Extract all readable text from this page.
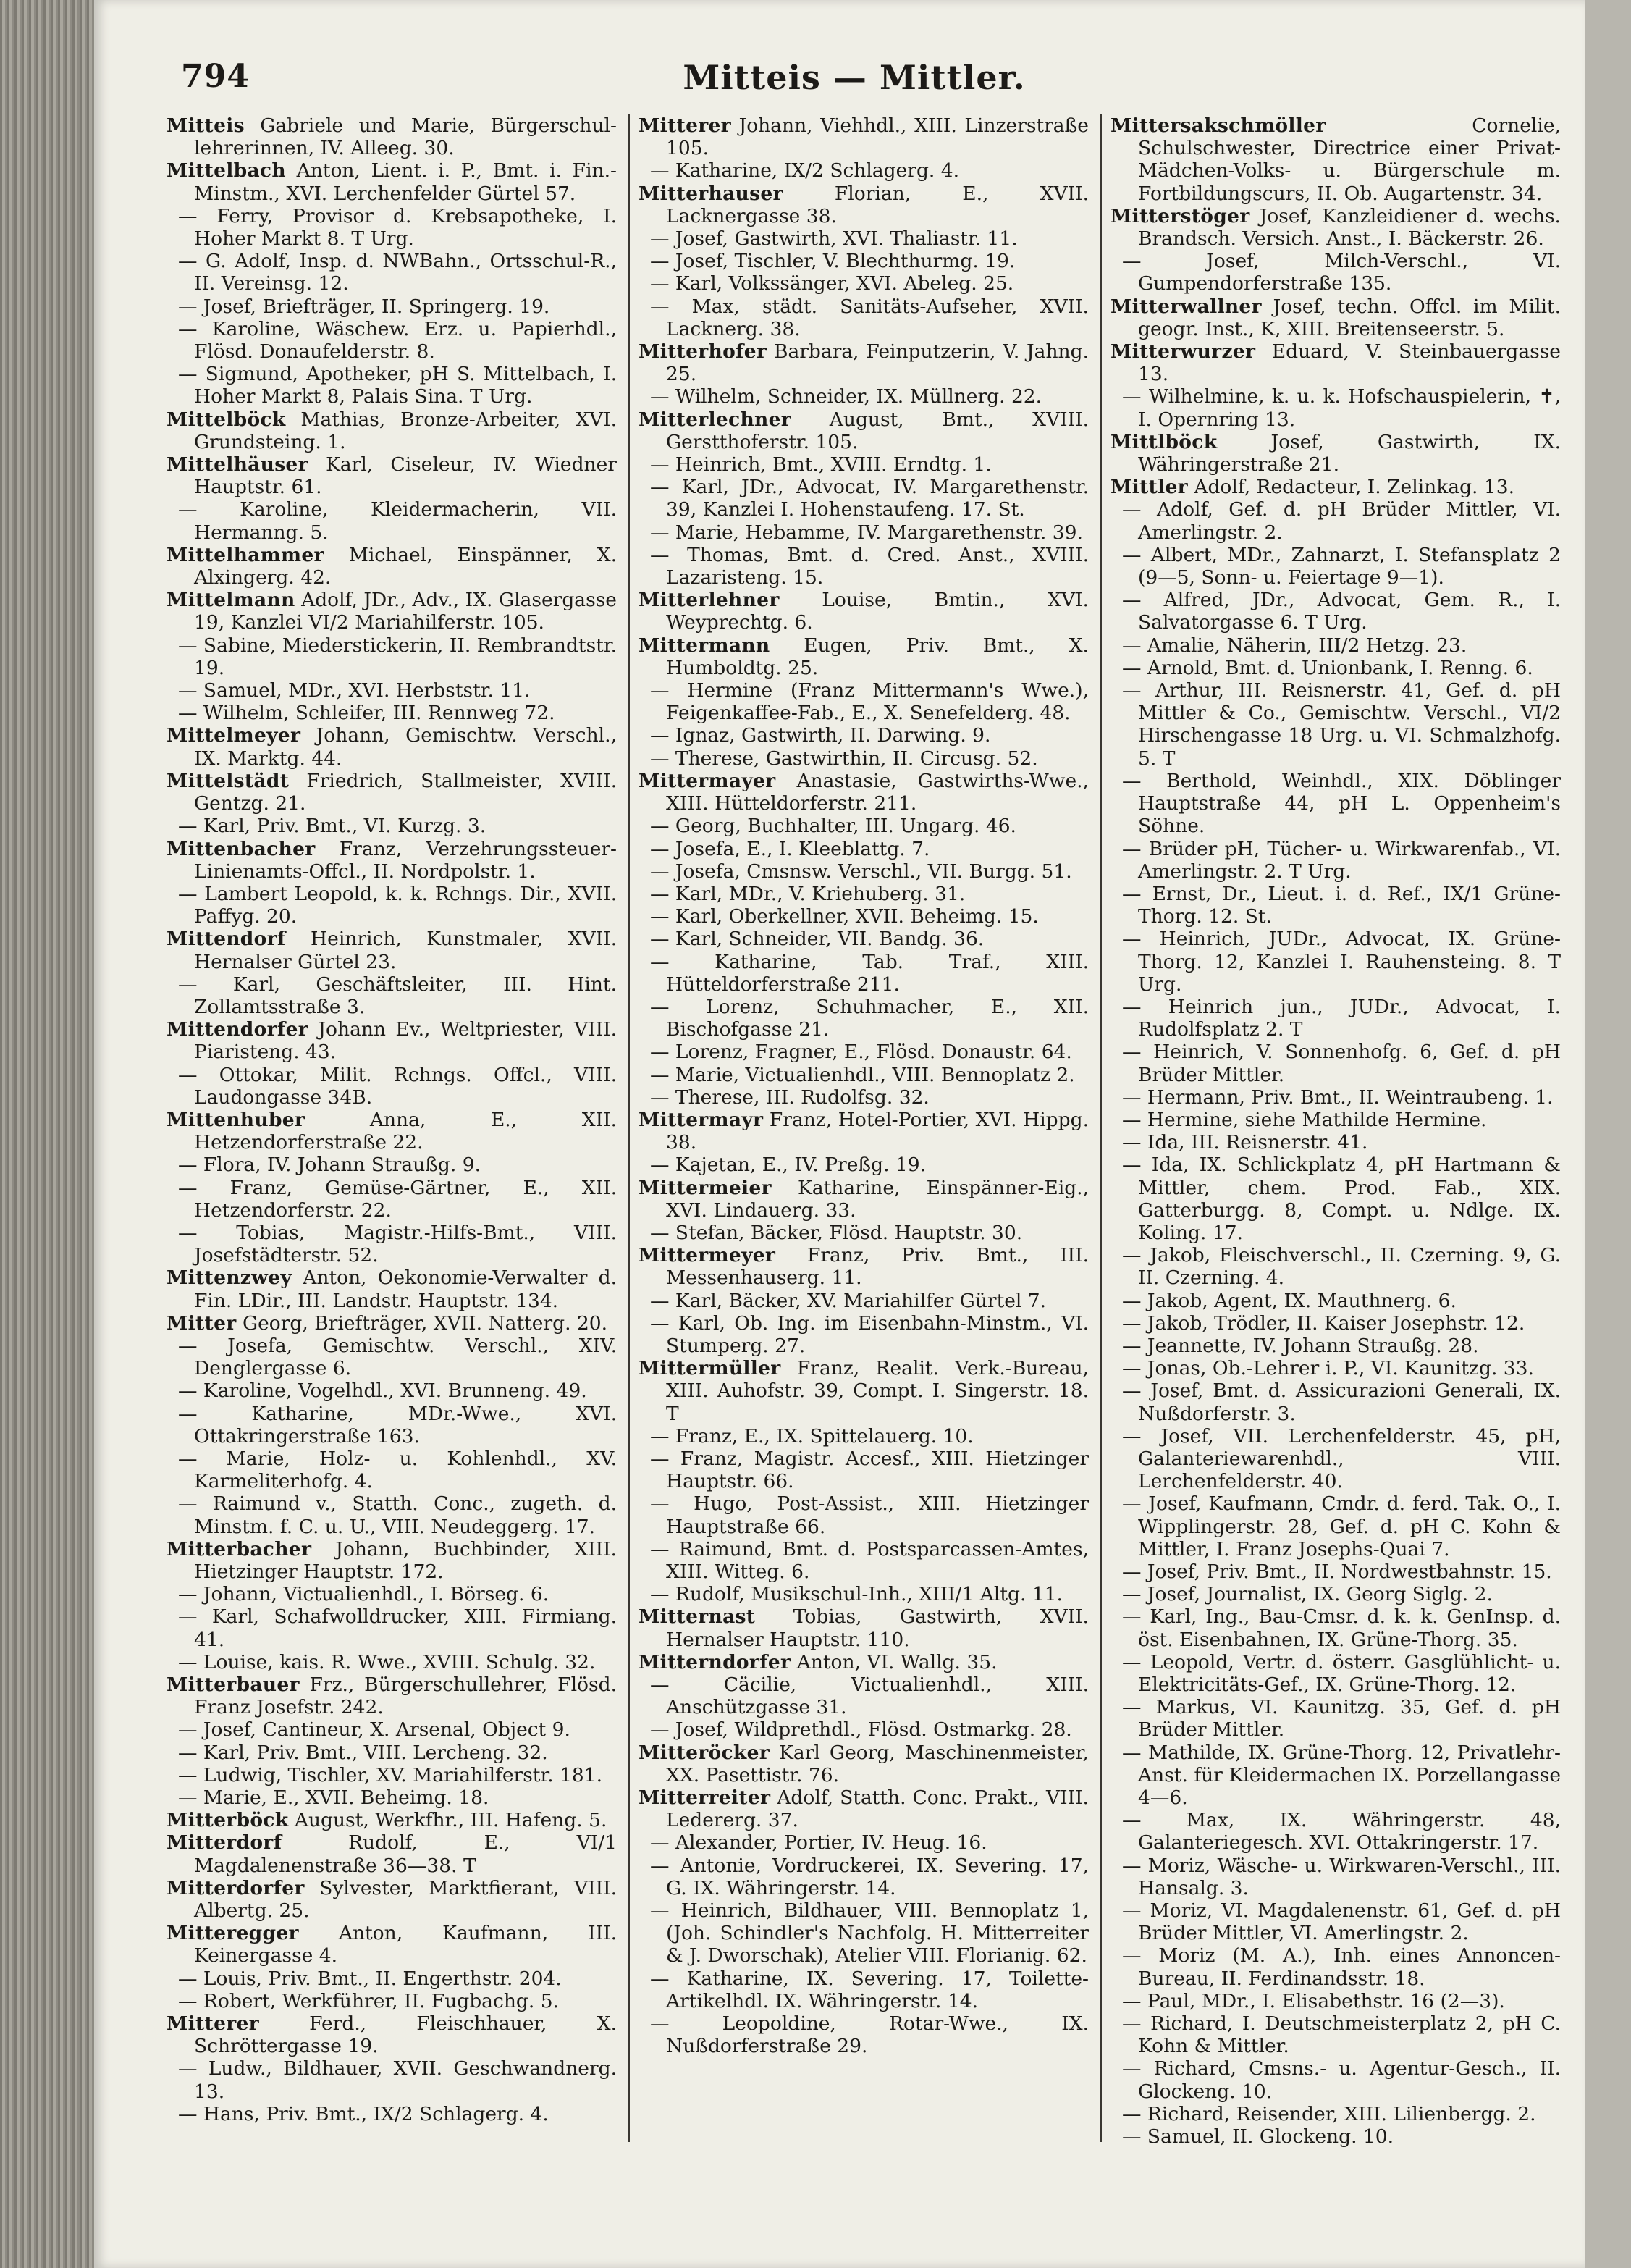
794	Mitteis — Mittler.
Mitteis Gabriele und Marie, Bürgerschul-lehrerinnen, IV. Alleeg. 30.
Mittelbach Anton, Lient. i. P., Bmt. i. Fin.-Minstm., XVI. Lerchenfelder Gürtel 57.
— Ferry, Provisor d. Krebsapotheke, I. Hoher Markt 8. T Urg.
— G. Adolf, Insp. d. NWBahn., Ortsschul-R., II. Vereinsg. 12.
— Josef, Briefträger, II. Springerg. 19.
— Karoline, Wäschew. Erz. u. Papierhdl., Flösd. Donaufelderstr. 8.
— Sigmund, Apotheker, pH S. Mittelbach, I. Hoher Markt 8, Palais Sina. T Urg.
Mittelböck Mathias, Bronze-Arbeiter, XVI. Grundsteing. 1.
Mittelhäuser Karl, Ciseleur, IV. Wiedner Hauptstr. 61.
— Karoline, Kleidermacherin, VII. Hermanng. 5.
Mittelhammer Michael, Einspänner, X. Alxingerg. 42.
Mittelmann Adolf, JDr., Adv., IX. Glasergasse 19, Kanzlei VI/2 Mariahilferstr. 105.
— Sabine, Miederstickerin, II. Rembrandtstr. 19.
— Samuel, MDr., XVI. Herbststr. 11.
— Wilhelm, Schleifer, III. Rennweg 72.
Mittelmeyer Johann, Gemischtw. Verschl., IX. Marktg. 44.
Mittelstädt Friedrich, Stallmeister, XVIII. Gentzg. 21.
— Karl, Priv. Bmt., VI. Kurzg. 3.
Mittenbacher Franz, Verzehrungssteuer-Linienamts-Offcl., II. Nordpolstr. 1.
— Lambert Leopold, k. k. Rchngs. Dir., XVII. Paffyg. 20.
Mittendorf Heinrich, Kunstmaler, XVII. Hernalser Gürtel 23.
— Karl, Geschäftsleiter, III. Hint. Zollamtsstraße 3.
Mittendorfer Johann Ev., Weltpriester, VIII. Piaristeng. 43.
— Ottokar, Milit. Rchngs. Offcl., VIII. Laudongasse 34B.
Mittenhuber	Anna, E., XII. Hetzendorferstraße 22.
— Flora, IV. Johann Straußg. 9.
— Franz, Gemüse-Gärtner, E., XII. Hetzendorferstr. 22.
— Tobias, Magistr.-Hilfs-Bmt., VIII. Josefstädterstr. 52.
Mittenzwey Anton, Oekonomie-Verwalter d. Fin. LDir., III. Landstr. Hauptstr. 134.
Mitter Georg, Briefträger, XVII. Natterg. 20.
— Josefa, Gemischtw. Verschl., XIV. Denglergasse 6.
— Karoline, Vogelhdl., XVI. Brunneng. 49.
— Katharine, MDr.-Wwe., XVI. Ottakringerstraße 163.
— Marie, Holz- u. Kohlenhdl., XV. Karmeliterhofg. 4.
— Raimund v., Statth. Conc., zugeth. d. Minstm. f. C. u. U., VIII. Neudeggerg. 17.
Mitterbacher Johann, Buchbinder, XIII. Hietzinger Hauptstr. 172.
— Johann, Victualienhdl., I. Börseg. 6.
— Karl, Schafwolldrucker, XIII. Firmiang. 41.
— Louise, kais. R. Wwe., XVIII. Schulg. 32.
Mitterbauer Frz., Bürgerschullehrer, Flösd. Franz Josefstr. 242.
— Josef, Cantineur, X. Arsenal, Object 9.
— Karl, Priv. Bmt., VIII. Lercheng. 32.
— Ludwig, Tischler, XV. Mariahilferstr. 181.
— Marie, E., XVII. Beheimg. 18.
Mitterböck August, Werkfhr., III. Hafeng. 5.
Mitterdorf	Rudolf, E., VI/1 Magdalenenstraße 36—38. T
Mitterdorfer Sylvester, Marktfierant, VIII. Albertg. 25.
Mitteregger Anton, Kaufmann, III. Keinergasse 4.
— Louis, Priv. Bmt., II. Engerthstr. 204.
— Robert, Werkführer, II. Fugbachg. 5.
Mitterer	Ferd., Fleischhauer, X. Schröttergasse 19.
— Ludw., Bildhauer, XVII. Geschwandnerg. 13.
— Hans, Priv. Bmt., IX/2 Schlagerg. 4.
Mitterer Johann, Viehhdl., XIII. Linzerstraße 105.
— Katharine, IX/2 Schlagerg. 4.
Mitterhauser	Florian, E., XVII. Lacknergasse 38.
— Josef, Gastwirth, XVI. Thaliastr. 11.
— Josef, Tischler, V. Blechthurmg. 19.
— Karl, Volkssänger, XVI. Abeleg. 25.
— Max, städt. Sanitäts-Aufseher, XVII. Lacknerg. 38.
Mitterhofer Barbara, Feinputzerin, V. Jahng. 25.
— Wilhelm, Schneider, IX. Müllnerg. 22.
Mitterlechner August, Bmt., XVIII. Gerstthoferstr. 105.
— Heinrich, Bmt., XVIII. Erndtg. 1.
— Karl, JDr., Advocat, IV. Margarethenstr. 39, Kanzlei I. Hohenstaufeng. 17. St.
— Marie, Hebamme, IV. Margarethenstr. 39.
— Thomas, Bmt. d. Cred. Anst., XVIII. Lazaristeng. 15.
Mitterlehner Louise, Bmtin., XVI. Weyprechtg. 6.
Mittermann Eugen, Priv. Bmt., X. Humboldtg. 25.
— Hermine (Franz Mittermann's Wwe.), Feigenkaffee-Fab., E., X. Senefelderg. 48.
— Ignaz, Gastwirth, II. Darwing. 9.
— Therese, Gastwirthin, II. Circusg. 52.
Mittermayer Anastasie, Gastwirths-Wwe., XIII. Hütteldorferstr. 211.
— Georg, Buchhalter, III. Ungarg. 46.
— Josefa, E., I. Kleeblattg. 7.
— Josefa, Cmsnsw. Verschl., VII. Burgg. 51.
— Karl, MDr., V. Kriehuberg. 31.
— Karl, Oberkellner, XVII. Beheimg. 15.
— Karl, Schneider, VII. Bandg. 36.
— Katharine, Tab. Traf., XIII. Hütteldorferstraße 211.
— Lorenz, Schuhmacher, E., XII. Bischofgasse 21.
— Lorenz, Fragner, E., Flösd. Donaustr. 64.
— Marie, Victualienhdl., VIII. Bennoplatz 2.
— Therese, III. Rudolfsg. 32.
Mittermayr Franz, Hotel-Portier, XVI. Hippg. 38.
— Kajetan, E., IV. Preßg. 19.
Mittermeier Katharine, Einspänner-Eig., XVI. Lindauerg. 33.
— Stefan, Bäcker, Flösd. Hauptstr. 30.
Mittermeyer Franz, Priv. Bmt., III. Messenhauserg. 11.
— Karl, Bäcker, XV. Mariahilfer Gürtel 7.
— Karl, Ob. Ing. im Eisenbahn-Minstm., VI. Stumperg. 27.
Mittermüller Franz, Realit. Verk.-Bureau, XIII. Auhofstr. 39, Compt. I. Singerstr. 18. T
— Franz, E., IX. Spittelauerg. 10.
— Franz, Magistr. Accesf., XIII. Hietzinger Hauptstr. 66.
— Hugo, Post-Assist., XIII. Hietzinger Hauptstraße 66.
— Raimund, Bmt. d. Postsparcassen-Amtes, XIII. Witteg. 6.
— Rudolf, Musikschul-Inh., XIII/1 Altg. 11.
Mitternast Tobias, Gastwirth, XVII. Hernalser Hauptstr. 110.
Mitterndorfer Anton, VI. Wallg. 35.
— Cäcilie, Victualienhdl., XIII. Anschützgasse 31.
— Josef, Wildprethdl., Flösd. Ostmarkg. 28.
Mitteröcker Karl Georg, Maschinenmeister, XX. Pasettistr. 76.
Mitterreiter Adolf, Statth. Conc. Prakt., VIII. Ledererg. 37.
— Alexander, Portier, IV. Heug. 16.
— Antonie, Vordruckerei, IX. Severing. 17, G. IX. Währingerstr. 14.
— Heinrich, Bildhauer, VIII. Bennoplatz 1, (Joh. Schindler's Nachfolg. H. Mitterreiter & J. Dworschak), Atelier VIII. Florianig. 62.
— Katharine, IX. Severing. 17, Toilette-Artikelhdl. IX. Währingerstr. 14.
— Leopoldine, Rotar-Wwe., IX. Nußdorferstraße 29.
Mittersakschmöller	Cornelie, Schulschwester, Directrice einer Privat-Mädchen-Volks- u. Bürgerschule m. Fortbildungscurs, II. Ob. Augartenstr. 34.
Mitterstöger Josef, Kanzleidiener d. wechs. Brandsch. Versich. Anst., I. Bäckerstr. 26.
— Josef, Milch-Verschl., VI. Gumpendorferstraße 135.
Mitterwallner Josef, techn. Offcl. im Milit. geogr. Inst., K, XIII. Breitenseerstr. 5.
Mitterwurzer Eduard, V. Steinbauergasse 13.
— Wilhelmine, k. u. k. Hofschauspielerin, ✝, I. Opernring 13.
Mittlböck	Josef, Gastwirth, IX. Währingerstraße 21.
Mittler Adolf, Redacteur, I. Zelinkag. 13.
— Adolf, Gef. d. pH Brüder Mittler, VI. Amerlingstr. 2.
— Albert, MDr., Zahnarzt, I. Stefansplatz 2 (9—5, Sonn- u. Feiertage 9—1).
— Alfred, JDr., Advocat, Gem. R., I. Salvatorgasse 6. T Urg.
— Amalie, Näherin, III/2 Hetzg. 23.
— Arnold, Bmt. d. Unionbank, I. Renng. 6.
— Arthur, III. Reisnerstr. 41, Gef. d. pH Mittler & Co., Gemischtw. Verschl., VI/2 Hirschengasse 18 Urg. u. VI. Schmalzhofg. 5. T
— Berthold, Weinhdl., XIX. Döblinger Hauptstraße 44, pH L. Oppenheim's Söhne.
— Brüder pH, Tücher- u. Wirkwarenfab., VI. Amerlingstr. 2. T Urg.
— Ernst, Dr., Lieut. i. d. Ref., IX/1 Grüne-Thorg. 12. St.
— Heinrich, JUDr., Advocat, IX. Grüne-Thorg. 12, Kanzlei I. Rauhensteing. 8. T Urg.
— Heinrich jun., JUDr., Advocat, I. Rudolfsplatz 2. T
— Heinrich, V. Sonnenhofg. 6, Gef. d. pH Brüder Mittler.
— Hermann, Priv. Bmt., II. Weintraubeng. 1.
— Hermine, siehe Mathilde Hermine.
— Ida, III. Reisnerstr. 41.
— Ida, IX. Schlickplatz 4, pH Hartmann & Mittler, chem. Prod. Fab., XIX. Gatterburgg. 8, Compt. u. Ndlge. IX. Koling. 17.
— Jakob, Fleischverschl., II. Czerning. 9, G. II. Czerning. 4.
— Jakob, Agent, IX. Mauthnerg. 6.
— Jakob, Trödler, II. Kaiser Josephstr. 12.
— Jeannette, IV. Johann Straußg. 28.
— Jonas, Ob.-Lehrer i. P., VI. Kaunitzg. 33.
— Josef, Bmt. d. Assicurazioni Generali, IX. Nußdorferstr. 3.
— Josef, VII. Lerchenfelderstr. 45, pH, Galanteriewarenhdl., VIII. Lerchenfelderstr. 40.
— Josef, Kaufmann, Cmdr. d. ferd. Tak. O., I. Wipplingerstr. 28, Gef. d. pH C. Kohn & Mittler, I. Franz Josephs-Quai 7.
— Josef, Priv. Bmt., II. Nordwestbahnstr. 15.
— Josef, Journalist, IX. Georg Siglg. 2.
— Karl, Ing., Bau-Cmsr. d. k. k. GenInsp. d. öst. Eisenbahnen, IX. Grüne-Thorg. 35.
— Leopold, Vertr. d. österr. Gasglühlicht- u. Elektricitäts-Gef., IX. Grüne-Thorg. 12.
— Markus, VI. Kaunitzg. 35, Gef. d. pH Brüder Mittler.
— Mathilde, IX. Grüne-Thorg. 12, Privatlehr-Anst. für Kleidermachen IX. Porzellangasse 4—6.
— Max, IX. Währingerstr. 48, Galanteriegesch. XVI. Ottakringerstr. 17.
— Moriz, Wäsche- u. Wirkwaren-Verschl., III. Hansalg. 3.
— Moriz, VI. Magdalenenstr. 61, Gef. d. pH Brüder Mittler, VI. Amerlingstr. 2.
— Moriz (M. A.), Inh. eines Annoncen-Bureau, II. Ferdinandsstr. 18.
— Paul, MDr., I. Elisabethstr. 16 (2—3).
— Richard, I. Deutschmeisterplatz 2, pH C. Kohn & Mittler.
— Richard, Cmsns.- u. Agentur-Gesch., II. Glockeng. 10.
— Richard, Reisender, XIII. Lilienbergg. 2.
— Samuel, II. Glockeng. 10.
